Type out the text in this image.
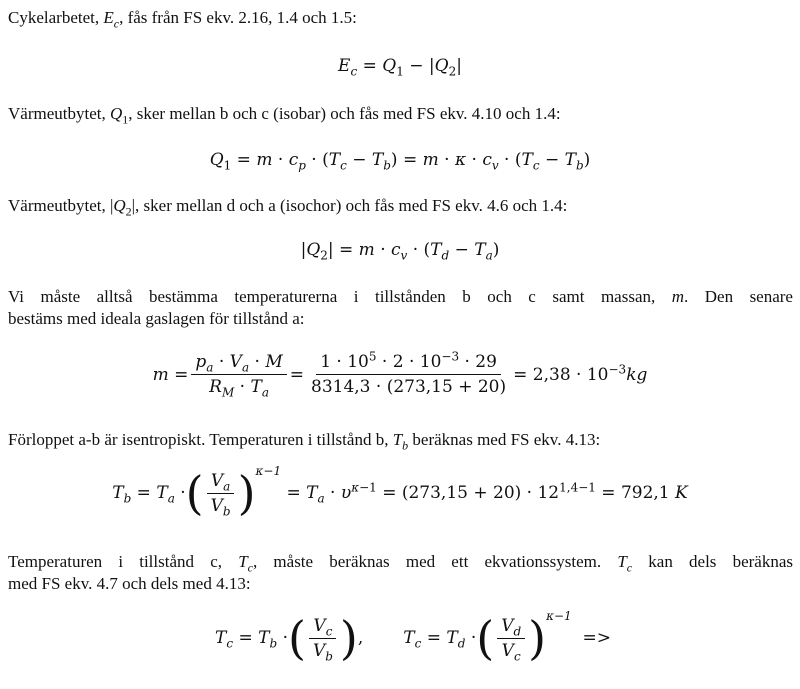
Cykelarbetet, $E_c$, fås från FS ekv. 2.16, 1.4 och 1.5:
$E_c = Q_1 - |Q_2|$
Värmeutbytet, $Q_1$, sker mellan b och c (isobar) och fås med FS ekv. 4.10 och 1.4:
$Q_1 = m \cdot c_p \cdot (T_c - T_b) = m \cdot \kappa \cdot c_v \cdot (T_c - T_b)$
Värmeutbytet, $|Q_2|$, sker mellan d och a (isochor) och fås med FS ekv. 4.6 och 1.4:
$|Q_2| = m \cdot c_v \cdot (T_d - T_a)$
Vi måste alltså bestämma temperaturerna i tillstånden b och c samt massan, m. Den senare
bestäms med ideala gaslagen för tillstånd a:
$m = \frac{p_a \cdot V_a \cdot M}{R_M \cdot T_a} = \frac{1 \cdot 10^5 \cdot 2 \cdot 10^{-3} \cdot 29}{8314,3 \cdot (273,15 + 20)} = 2,38 \cdot 10^{-3}kg$
Förloppet a-b är isentropiskt. Temperaturen i tillstånd b, $T_b$ beräknas med FS ekv. 4.13:
$T_b = T_a$ · ( $\frac{V_a}{V_b}$ ) κ−1
= $T_a \cdot \upsilon^{\kappa-1} = (273,15 + 20) \cdot 12^{1,4-1} = 792,1$ K
Temperaturen i tillstånd c, $T_c$, måste beräknas med ett ekvationssystem. $T_c$ kan dels beräknas
med FS ekv. 4.7 och dels med 4.13:
$T_c = T_b$ · ( $\frac{V_c}{V_b}$ ) , $T_c = T_d$ · ( $\frac{V_d}{V_c}$ ) κ−1
=>
